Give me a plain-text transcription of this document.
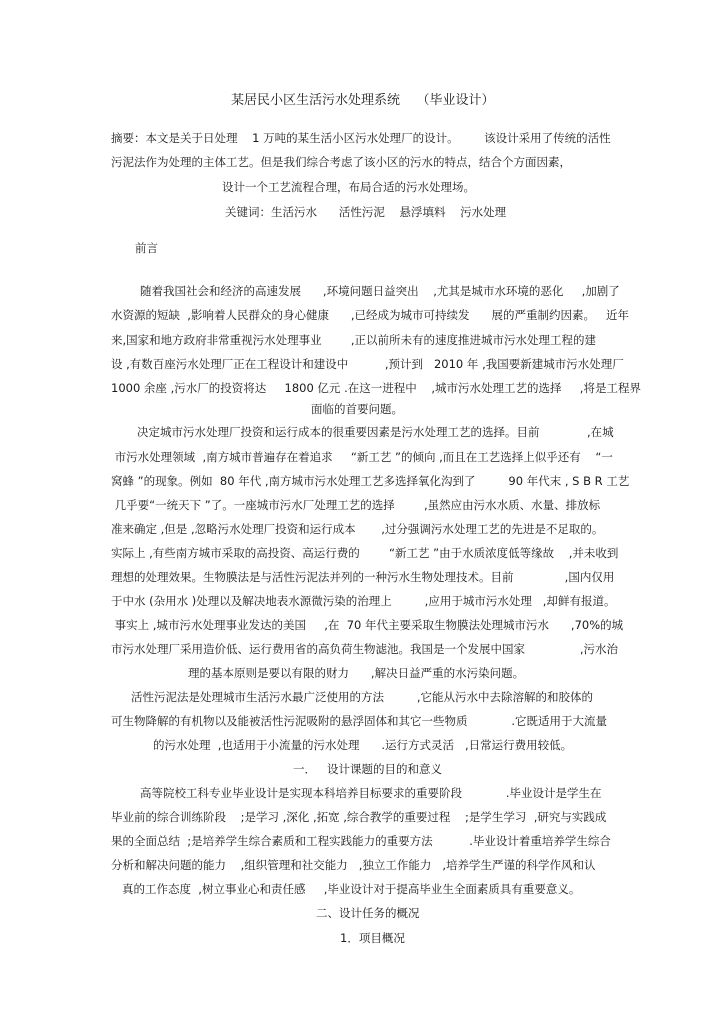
某居民小区生活污水处理系统    （毕业设计）
摘要：本文是关于日处理    1 万吨的某生活小区污水处理厂的设计。       该设计采用了传统的活性
污泥法作为处理的主体工艺。但是我们综合考虑了该小区的污水的特点，结合个方面因素，
设计一个工艺流程合理，布局合适的污水处理场。
关键词：生活污水      活性污泥    悬浮填料    污水处理
前言
随着我国社会和经济的高速发展      ,环境问题日益突出    ,尤其是城市水环境的恶化     ,加剧了
水资源的短缺  ,影响着人民群众的身心健康      ,已经成为城市可持续发      展的严重制约因素。   近年
来,国家和地方政府非常重视污水处理事业        ,正以前所未有的速度推进城市污水处理工程的建
设 ,有数百座污水处理厂正在工程设计和建设中          ,预计到   2010 年 ,我国要新建城市污水处理厂
1000 余座 ,污水厂的投资将达     1800 亿元 .在这一进程中    ,城市污水处理工艺的选择     ,将是工程界
面临的首要问题。
决定城市污水处理厂投资和运行成本的很重要因素是污水处理工艺的选择。目前             ,在城
市污水处理领域  ,南方城市普遍存在着追求     “新工艺 ”的倾向 ,而且在工艺选择上似乎还有    “一
窝蜂 ”的现象。例如  80 年代 ,南方城市污水处理工艺多选择氧化沟到了         90 年代末 , S B R 工艺
几乎要“一统天下 ”了。一座城市污水厂处理工艺的选择        ,虽然应由污水水质、水量、排放标
准来确定 ,但是 ,忽略污水处理厂投资和运行成本       ,过分强调污水处理工艺的先进是不足取的。
实际上 ,有些南方城市采取的高投资、高运行费的        “新工艺 ”由于水质浓度低等缘故    ,并未收到
理想的处理效果。生物膜法是与活性污泥法并列的一种污水生物处理技术。目前              ,国内仅用
于中水 (杂用水 )处理以及解决地表水源微污染的治理上         ,应用于城市污水处理   ,却鲜有报道。
事实上 ,城市污水处理事业发达的美国     ,在  70 年代主要采取生物膜法处理城市污水      ,70%的城
市污水处理厂采用造价低、运行费用省的高负荷生物滤池。我国是一个发展中国家               ,污水治
理的基本原则是要以有限的财力      ,解决日益严重的水污染问题。
活性污泥法是处理城市生活污水最广泛使用的方法         ,它能从污水中去除溶解的和胶体的
可生物降解的有机物以及能被活性污泥吸附的悬浮固体和其它一些物质            .它既适用于大流量
的污水处理  ,也适用于小流量的污水处理      .运行方式灵活   ,日常运行费用较低。
一．   设计课题的目的和意义
高等院校工科专业毕业设计是实现本科培养目标要求的重要阶段            .毕业设计是学生在
毕业前的综合训练阶段    ;是学习 ,深化 ,拓宽 ,综合教学的重要过程    ;是学生学习  ,研究与实践成
果的全面总结  ;是培养学生综合素质和工程实践能力的重要方法          .毕业设计着重培养学生综合
分析和解决问题的能力    ,组织管理和社交能力   ,独立工作能力   ,培养学生严谨的科学作风和认
真的工作态度  ,树立事业心和责任感     ,毕业设计对于提高毕业生全面素质具有重要意义。
二、设计任务的概况
1．项目概况
